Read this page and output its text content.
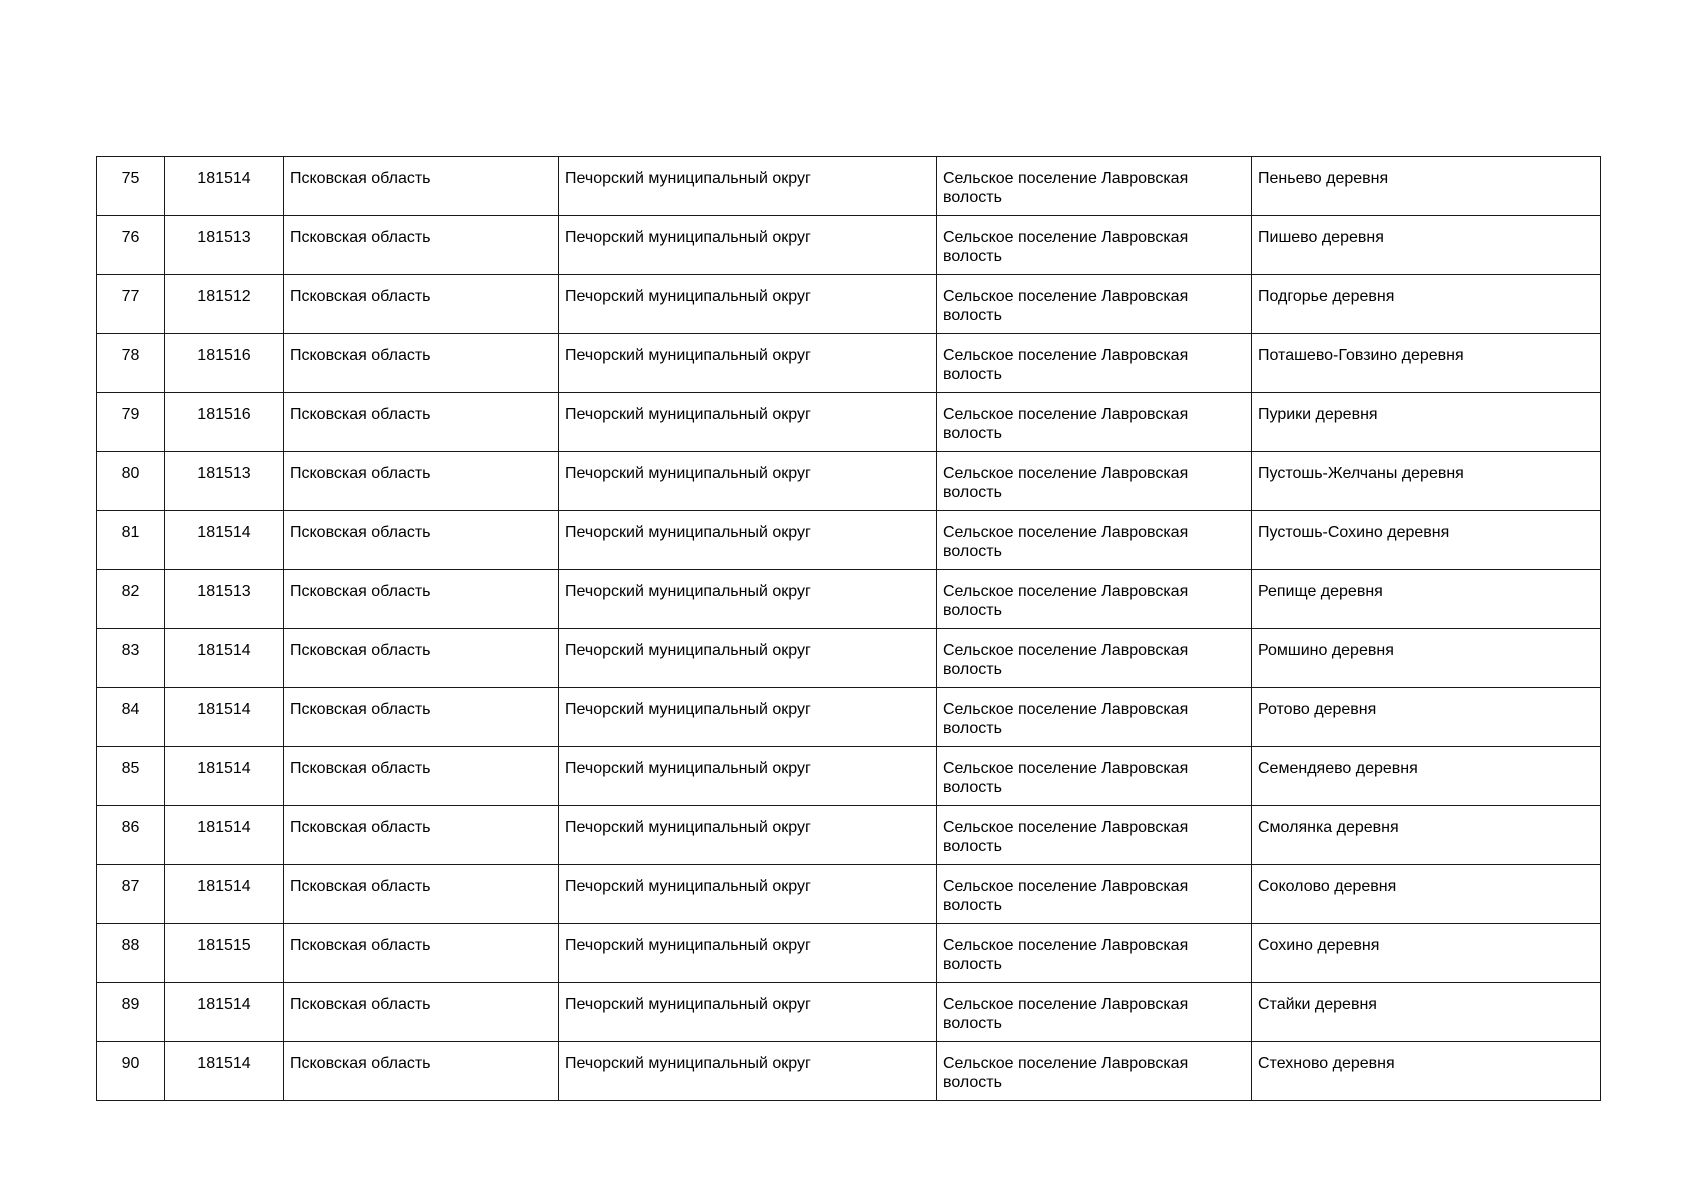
75	181514	Псковская область	Печорский муниципальный округ	Сельское поселение Лавровская волость	Пеньево деревня
76	181513	Псковская область	Печорский муниципальный округ	Сельское поселение Лавровская волость	Пишево деревня
77	181512	Псковская область	Печорский муниципальный округ	Сельское поселение Лавровская волость	Подгорье деревня
78	181516	Псковская область	Печорский муниципальный округ	Сельское поселение Лавровская волость	Поташево-Говзино деревня
79	181516	Псковская область	Печорский муниципальный округ	Сельское поселение Лавровская волость	Пурики деревня
80	181513	Псковская область	Печорский муниципальный округ	Сельское поселение Лавровская волость	Пустошь-Желчаны деревня
81	181514	Псковская область	Печорский муниципальный округ	Сельское поселение Лавровская волость	Пустошь-Сохино деревня
82	181513	Псковская область	Печорский муниципальный округ	Сельское поселение Лавровская волость	Репище деревня
83	181514	Псковская область	Печорский муниципальный округ	Сельское поселение Лавровская волость	Ромшино деревня
84	181514	Псковская область	Печорский муниципальный округ	Сельское поселение Лавровская волость	Ротово деревня
85	181514	Псковская область	Печорский муниципальный округ	Сельское поселение Лавровская волость	Семендяево деревня
86	181514	Псковская область	Печорский муниципальный округ	Сельское поселение Лавровская волость	Смолянка деревня
87	181514	Псковская область	Печорский муниципальный округ	Сельское поселение Лавровская волость	Соколово деревня
88	181515	Псковская область	Печорский муниципальный округ	Сельское поселение Лавровская волость	Сохино деревня
89	181514	Псковская область	Печорский муниципальный округ	Сельское поселение Лавровская волость	Стайки деревня
90	181514	Псковская область	Печорский муниципальный округ	Сельское поселение Лавровская волость	Стехново деревня
